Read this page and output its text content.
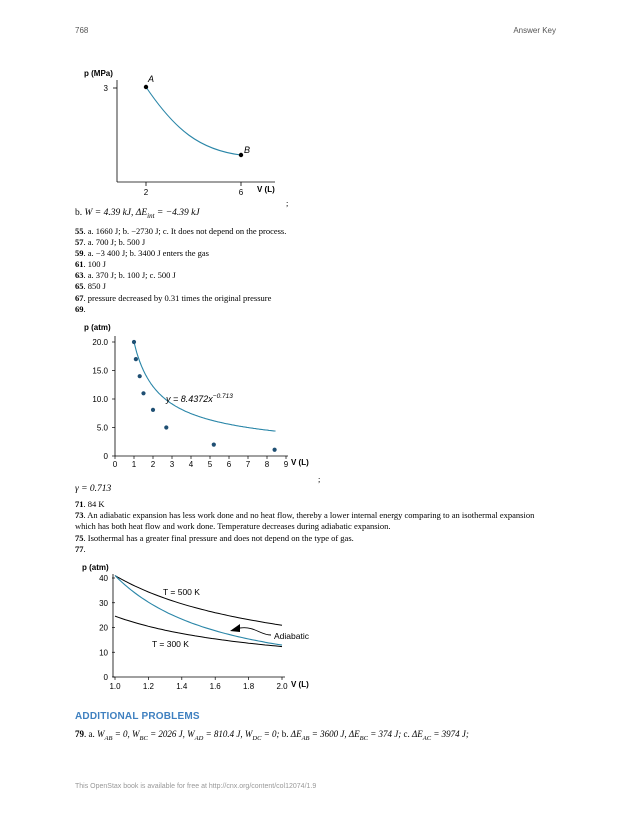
768	Answer Key
p (MPa)
3
2	6 V (L)
A
B
;
b. W = 4.39 kJ, $\Delta E_{int} = -4.39$ kJ
55. a. 1660 J; b. −2730 J; c. It does not depend on the process.
57. a. 700 J; b. 500 J
59. a. −3 400 J; b. 3400 J enters the gas
61. 100 J
63. a. 370 J; b. 100 J; c. 500 J
65. 850 J
67. pressure decreased by 0.31 times the original pressure
69.
p (atm)
0 1 2 3 4 5 6 7 8 9
0
5.0
10.0
15.0
20.0
V (L)
$y = 8.4372x^{-0.713}$
;
γ = 0.713
71. 84 K
73. An adiabatic expansion has less work done and no heat flow, thereby a lower internal energy comparing to an isothermal expansion which has both heat flow and work done. Temperature decreases during adiabatic expansion.
75. Isothermal has a greater final pressure and does not depend on the type of gas.
77.
p (atm)
1.0	1.2	1.4	1.6	1.8	2.0
0
10
20
30
40
V (L)
T = 500 K
T = 300 K
Adiabatic
ADDITIONAL PROBLEMS
79. a. $W_{AB} = 0$, $W_{BC} = 2026$ J, $W_{AD} = 810.4$ J, $W_{DC} = 0$; b. $\Delta E_{AB} = 3600$ J, $\Delta E_{BC} = 374$ J; c. $\Delta E_{AC} = 3974$ J;
This OpenStax book is available for free at http://cnx.org/content/col12074/1.9
